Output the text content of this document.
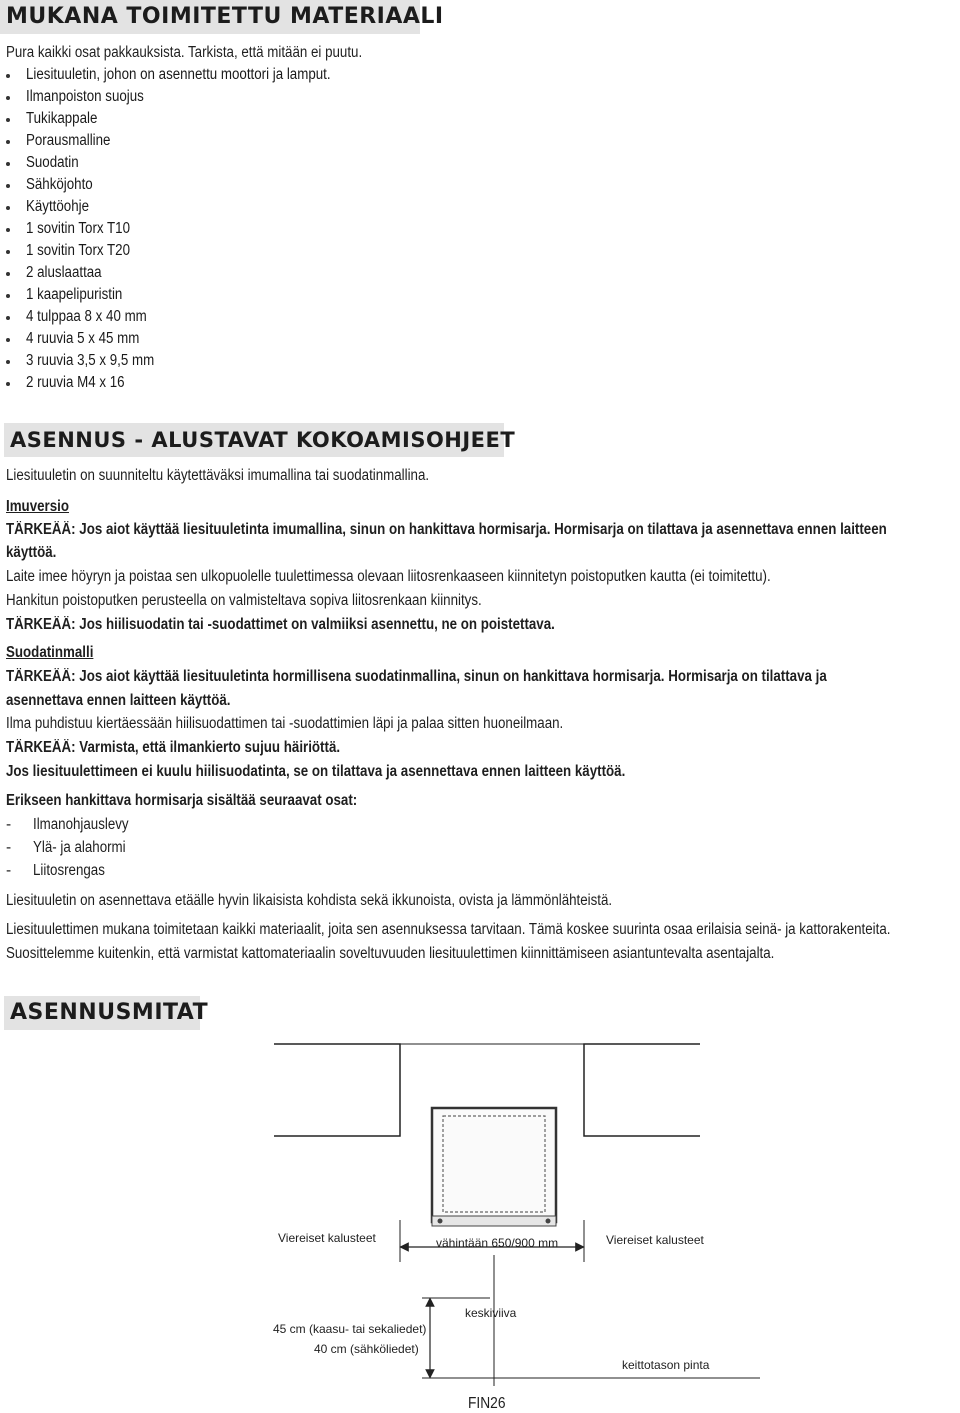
MUKANA TOIMITETTU MATERIAALI
Pura kaikki osat pakkauksista. Tarkista, että mitään ei puutu.
Liesituuletin, johon on asennettu moottori ja lamput.
Ilmanpoiston suojus
Tukikappale
Porausmalline
Suodatin
Sähköjohto
Käyttöohje
1 sovitin Torx T10
1 sovitin Torx T20
2 aluslaattaa
1 kaapelipuristin
4 tulppaa 8 x 40 mm
4 ruuvia 5 x 45 mm
3 ruuvia 3,5 x 9,5 mm
2 ruuvia M4 x 16
ASENNUS - ALUSTAVAT KOKOAMISOHJEET
Liesituuletin on suunniteltu käytettäväksi imumallina tai suodatinmallina.
Imuversio
TÄRKEÄÄ: Jos aiot käyttää liesituuletinta imumallina, sinun on hankittava hormisarja. Hormisarja on tilattava ja asennettava ennen laitteen
käyttöä.
Laite imee höyryn ja poistaa sen ulkopuolelle tuulettimessa olevaan liitosrenkaaseen kiinnitetyn poistoputken kautta (ei toimitettu).
Hankitun poistoputken perusteella on valmisteltava sopiva liitosrenkaan kiinnitys.
TÄRKEÄÄ: Jos hiilisuodatin tai -suodattimet on valmiiksi asennettu, ne on poistettava.
Suodatinmalli
TÄRKEÄÄ: Jos aiot käyttää liesituuletinta hormillisena suodatinmallina, sinun on hankittava hormisarja. Hormisarja on tilattava ja
asennettava ennen laitteen käyttöä.
Ilma puhdistuu kiertäessään hiilisuodattimen tai -suodattimien läpi ja palaa sitten huoneilmaan.
TÄRKEÄÄ: Varmista, että ilmankierto sujuu häiriöttä.
Jos liesituulettimeen ei kuulu hiilisuodatinta, se on tilattava ja asennettava ennen laitteen käyttöä.
Erikseen hankittava hormisarja sisältää seuraavat osat:
- Ilmanohjauslevy
- Ylä- ja alahormi
- Liitosrengas
Liesituuletin on asennettava etäälle hyvin likaisista kohdista sekä ikkunoista, ovista ja lämmönlähteistä.
Liesituulettimen mukana toimitetaan kaikki materiaalit, joita sen asennuksessa tarvitaan. Tämä koskee suurinta osaa erilaisia seinä- ja kattorakenteita.
Suosittelemme kuitenkin, että varmistat kattomateriaalin soveltuvuuden liesituulettimen kiinnittämiseen asiantuntevalta asentajalta.
ASENNUSMITAT
Viereiset kalusteet	Viereiset kalusteet
vähintään 650/900 mm
keskiviiva
45 cm (kaasu- tai sekaliedet)
40 cm (sähköliedet)
keittotason pinta
FIN26
